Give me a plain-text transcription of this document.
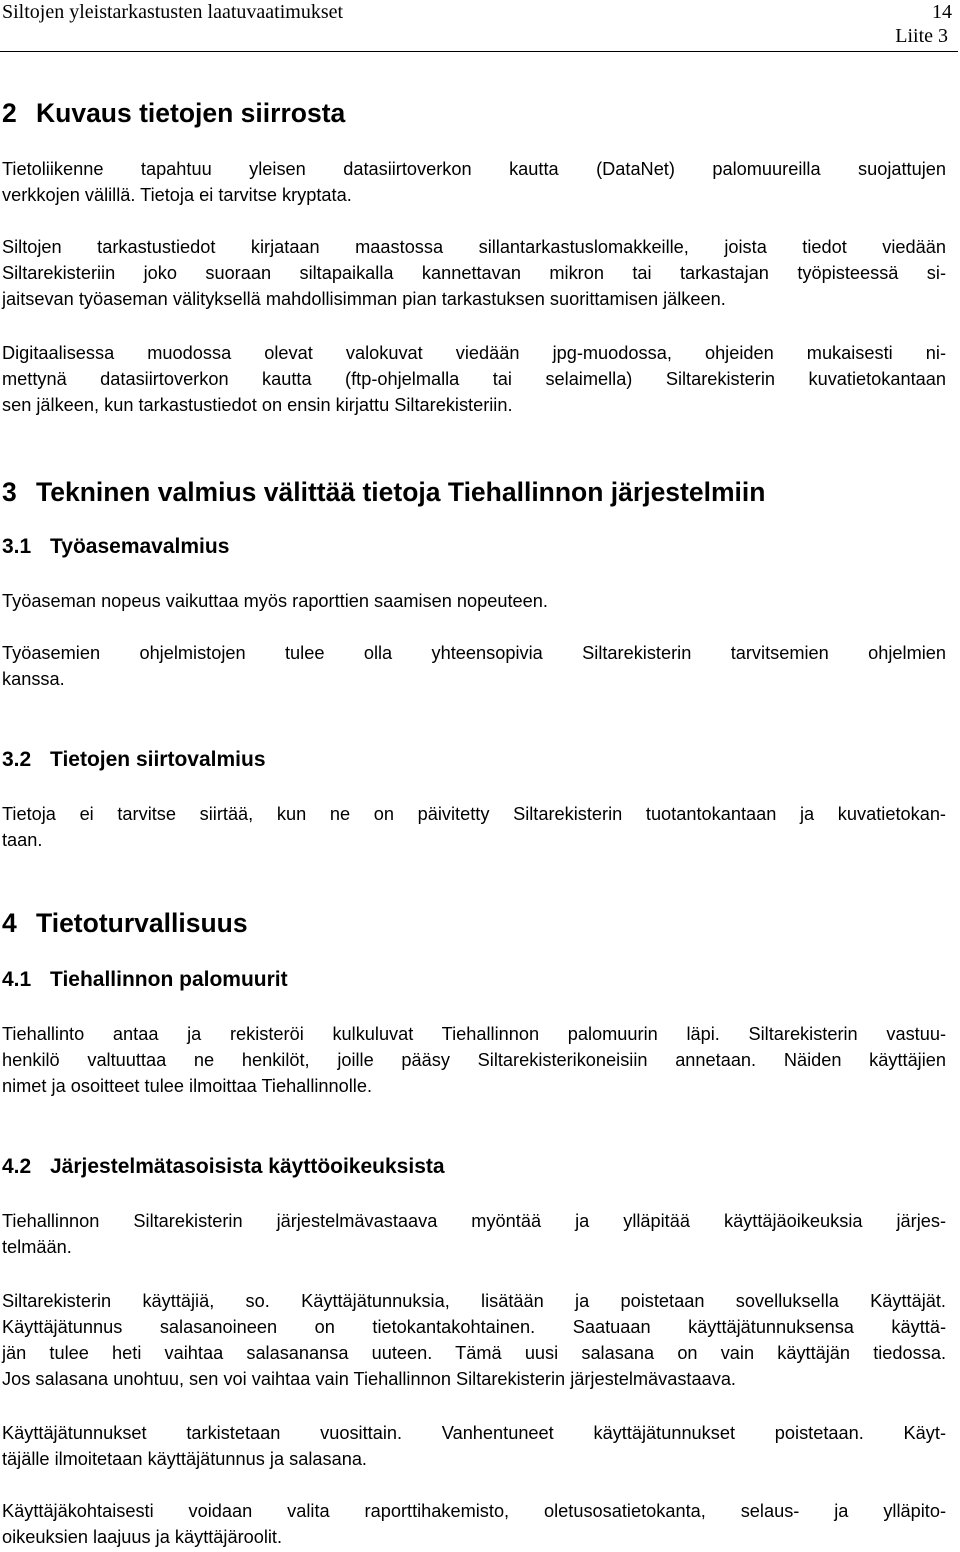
Siltojen yleistarkastusten laatuvaatimukset	14
Liite 3
2 Kuvaus tietojen siirrosta
Tietoliikenne tapahtuu yleisen datasiirtoverkon kautta (DataNet) palomuureilla suojattujen
verkkojen välillä. Tietoja ei tarvitse kryptata.
Siltojen tarkastustiedot kirjataan maastossa sillantarkastuslomakkeille, joista tiedot viedään
Siltarekisteriin joko suoraan siltapaikalla kannettavan mikron tai tarkastajan työpisteessä si-
jaitsevan työaseman välityksellä mahdollisimman pian tarkastuksen suorittamisen jälkeen.
Digitaalisessa muodossa olevat valokuvat viedään jpg-muodossa, ohjeiden mukaisesti ni-
mettynä datasiirtoverkon kautta (ftp-ohjelmalla tai selaimella) Siltarekisterin kuvatietokantaan
sen jälkeen, kun tarkastustiedot on ensin kirjattu Siltarekisteriin.
3 Tekninen valmius välittää tietoja Tiehallinnon järjestelmiin
3.1 Työasemavalmius
Työaseman nopeus vaikuttaa myös raporttien saamisen nopeuteen.
Työasemien ohjelmistojen tulee olla yhteensopivia Siltarekisterin tarvitsemien ohjelmien
kanssa.
3.2 Tietojen siirtovalmius
Tietoja ei tarvitse siirtää, kun ne on päivitetty Siltarekisterin tuotantokantaan ja kuvatietokan-
taan.
4 Tietoturvallisuus
4.1 Tiehallinnon palomuurit
Tiehallinto antaa ja rekisteröi kulkuluvat Tiehallinnon palomuurin läpi. Siltarekisterin vastuu-
henkilö valtuuttaa ne henkilöt, joille pääsy Siltarekisterikoneisiin annetaan. Näiden käyttäjien
nimet ja osoitteet tulee ilmoittaa Tiehallinnolle.
4.2 Järjestelmätasoisista käyttöoikeuksista
Tiehallinnon Siltarekisterin järjestelmävastaava myöntää ja ylläpitää käyttäjäoikeuksia järjes-
telmään.
Siltarekisterin käyttäjiä, so. Käyttäjätunnuksia, lisätään ja poistetaan sovelluksella Käyttäjät.
Käyttäjätunnus salasanoineen on tietokantakohtainen. Saatuaan käyttäjätunnuksensa käyttä-
jän tulee heti vaihtaa salasanansa uuteen. Tämä uusi salasana on vain käyttäjän tiedossa.
Jos salasana unohtuu, sen voi vaihtaa vain Tiehallinnon Siltarekisterin järjestelmävastaava.
Käyttäjätunnukset tarkistetaan vuosittain. Vanhentuneet käyttäjätunnukset poistetaan. Käyt-
täjälle ilmoitetaan käyttäjätunnus ja salasana.
Käyttäjäkohtaisesti voidaan valita raporttihakemisto, oletusosatietokanta, selaus- ja ylläpito-
oikeuksien laajuus ja käyttäjäroolit.
